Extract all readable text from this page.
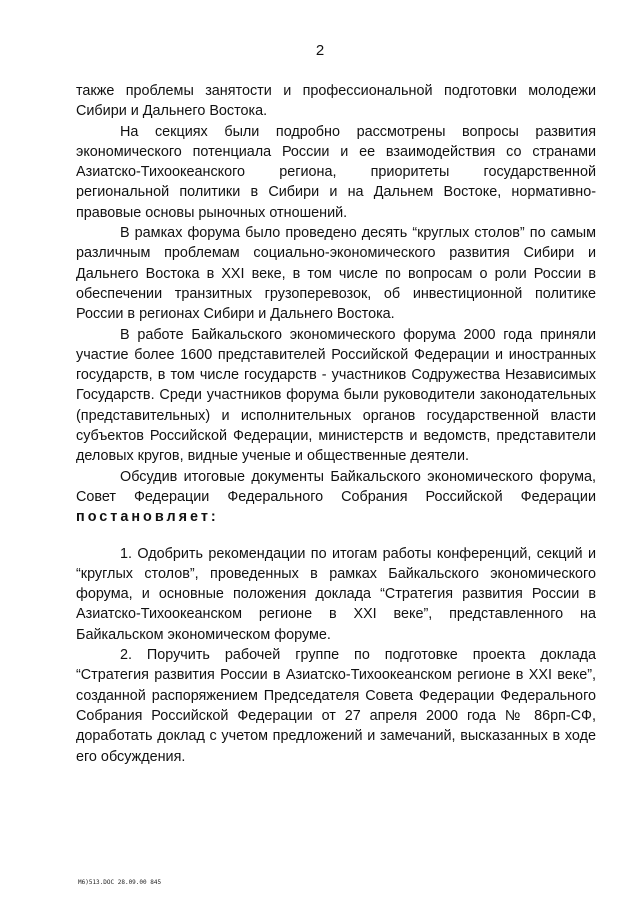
2

также проблемы занятости и профессиональной подготовки молодежи Сибири и Дальнего Востока.

На секциях были подробно рассмотрены вопросы развития экономического потенциала России и ее взаимодействия со странами Азиатско-Тихоокеанского региона, приоритеты государственной региональной политики в Сибири и на Дальнем Востоке, нормативно-правовые основы рыночных отношений.

В рамках форума было проведено десять “круглых столов” по самым различным проблемам социально-экономического развития Сибири и Дальнего Востока в XXI веке, в том числе по вопросам о роли России в обеспечении транзитных грузоперевозок, об инвестиционной политике России в регионах Сибири и Дальнего Востока.

В работе Байкальского экономического форума 2000 года приняли участие более 1600 представителей Российской Федерации и иностранных государств, в том числе государств - участников Содружества Независимых Государств. Среди участников форума были руководители законодательных (представительных) и исполнительных органов государственной власти субъектов Российской Федерации, министерств и ведомств, представители деловых кругов, видные ученые и общественные деятели.

Обсудив итоговые документы Байкальского экономического форума, Совет Федерации Федерального Собрания Российской Федерации постановляет:

1. Одобрить рекомендации по итогам работы конференций, секций и “круглых столов”, проведенных в рамках Байкальского экономического форума, и основные положения доклада “Стратегия развития России в Азиатско-Тихоокеанском регионе в XXI веке”, представленного на Байкальском экономическом форуме.

2. Поручить рабочей группе по подготовке проекта доклада “Стратегия развития России в Азиатско-Тихоокеанском регионе в XXI веке”, созданной распоряжением Председателя Совета Федерации Федерального Собрания Российской Федерации от 27 апреля 2000 года № 86рп-СФ, доработать доклад с учетом предложений и замечаний, высказанных в ходе его обсуждения.

М6)513.DOC 28.09.00 845
